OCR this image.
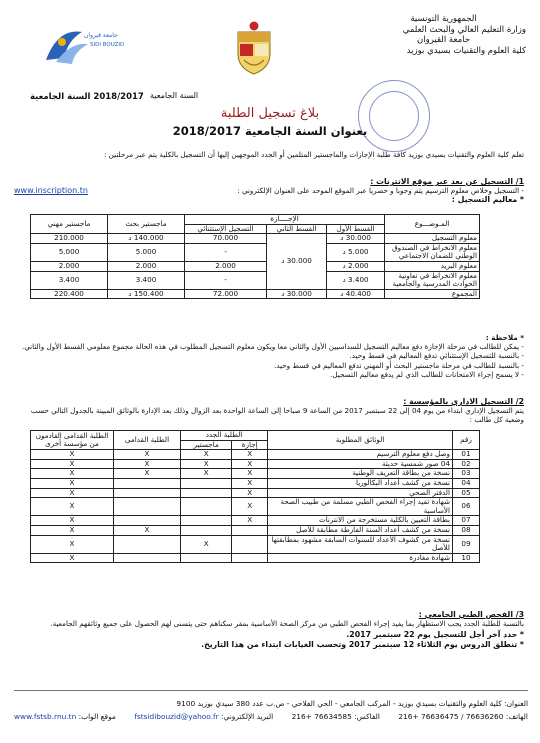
الجمهورية التونسية
وزارة التعليم العالي والبحث العلمي
جامعة القيروان
كلية العلوم والتقنيات بسيدي بوزيد
جامعة قيروان
SIDI BOUZID
2018/2017 السنة الجامعية السنة الجامعية
بلاغ تسجيل الطلبة
بعنوان السنة الجامعية 2018/2017
تعلم كلية العلوم والتقنيات بسيدي بوزيد كافة طلبة الإجازات والماجستير المتلمين أو الجدد الموجهين إليها أن التسجيل بالكلية يتم عبر مرحلتين :
1/ التسجيل عن بعد عبر موقع الانترنات :
- التسجيل وخلاص معلوم الترسيم يتم وجوبا و حصريا عبر الموقع الموحد على العنوان الإلكتروني :
www.inscription.tn
* معاليم التسجيل :
المـوضـــوع	الإجــــازة			ماجستير بحث	ماجستير مهني
	القسط الأول	القسط الثاني	التسجيل الإستثنائي		
معلوم التسجيل	30.000 د	30.000 د	70.000	140.000 د	210.000
معلوم الانخراط في الصندوق الوطني للضمان الاجتماعي	5.000 د		-	5.000	5.000
معلوم البريد	2.000 د		2.000	2.000	2.000
معلوم الانخراط في تعاونية الحوادث المدرسية والجامعية	3.400 د		-	3.400	3.400
المجموع	40.400 د	30.000 د	72.000	150.400 د	220.400
* ملاحظة :
- يمكن للطالب في مرحلة الإجازة دفع معاليم التسجيل للسداسيين الأول والثاني معا ويكون معلوم التسجيل المطلوب في هذه الحالة مجموع معلومي القسط الأول والثاني.
- بالنسبة للتسجيل الإستثنائي تدفع المعاليم في قسط وحيد.
- بالنسبة للطالب في مرحلة ماجستير البحث أو المهني تدفع المعاليم في قسط وحيد.
- لا يسمح إجراء الامتحانات للطالب الذي لم يدفع معاليم التسجيل.
2/ التسجيل الاداري بالمؤسسة :
يتم التسجيل الإداري ابتداء من يوم 04 إلى 22 سبتمبر 2017 من الساعة 9 صباحا إلى الساعة الواحدة بعد الزوال وذلك بعد الإدارة بالوثائق المبينة بالجدول التالي حسب وضعية كل طالب :
رقم	الوثائق المطلوبة	الطلبة الجدد		الطلبة القدامى	الطلبة القدامى القادمون من مؤسسة أخرى
		إجازة	ماجستير		
01	وصل دفع معلوم الترسيم	X	X	X	X
02	04 صور شمسية حديثة	X	X	X	X
03	نسخة من بطاقة التعريف الوطنية	X	X	X	X
04	نسخة من كشف أعداد البكالوريا	X			X
05	الدفتر الصحي	X			X
06	شهادة تفيد إجراء الفحص الطبي مسلمة من طبيب الصحة الأساسية	X			X
07	بطاقة التعيين بالكلية مستخرجة من الانترنات	X			X
08	نسخة من كشف أعداد السنة الفارطة مطابقة للأصل			X	X
09	نسخة من كشوف الأعداد للسنوات السابقة مشهود بمطابقتها للأصل		X		X
10	شهادة مغادرة				X
3/ الفحص الطبي الجامعي :
بالنسبة للطلبة الجدد يجب الاستظهار بما يفيد إجراء الفحص الطبي من مركز الصحة الأساسية بمقر سكناهم حتى يتسنى لهم الحصول على جميع وثائقهم الجامعية.
* حدد آخر أجل للتسجيل يوم 22 سبتمبر 2017.
* تنطلق الدروس يوم الثلاثاء 12 سبتمبر 2017 وتحسب الغيابات ابتداء من هذا التاريخ.
العنوان: كلية العلوم والتقنيات بسيدي بوزيد - المركب الجامعي - الحي الفلاحي - ص.ب عدد 380 سيدي بوزيد 9100
الهاتف: 76636260 / 76636475 +216
الفاكس: 76634585 +216
البريد الإلكتروني: fstsidibouzid@yahoo.fr
موقع الواب: www.fstsb.rnu.tn
